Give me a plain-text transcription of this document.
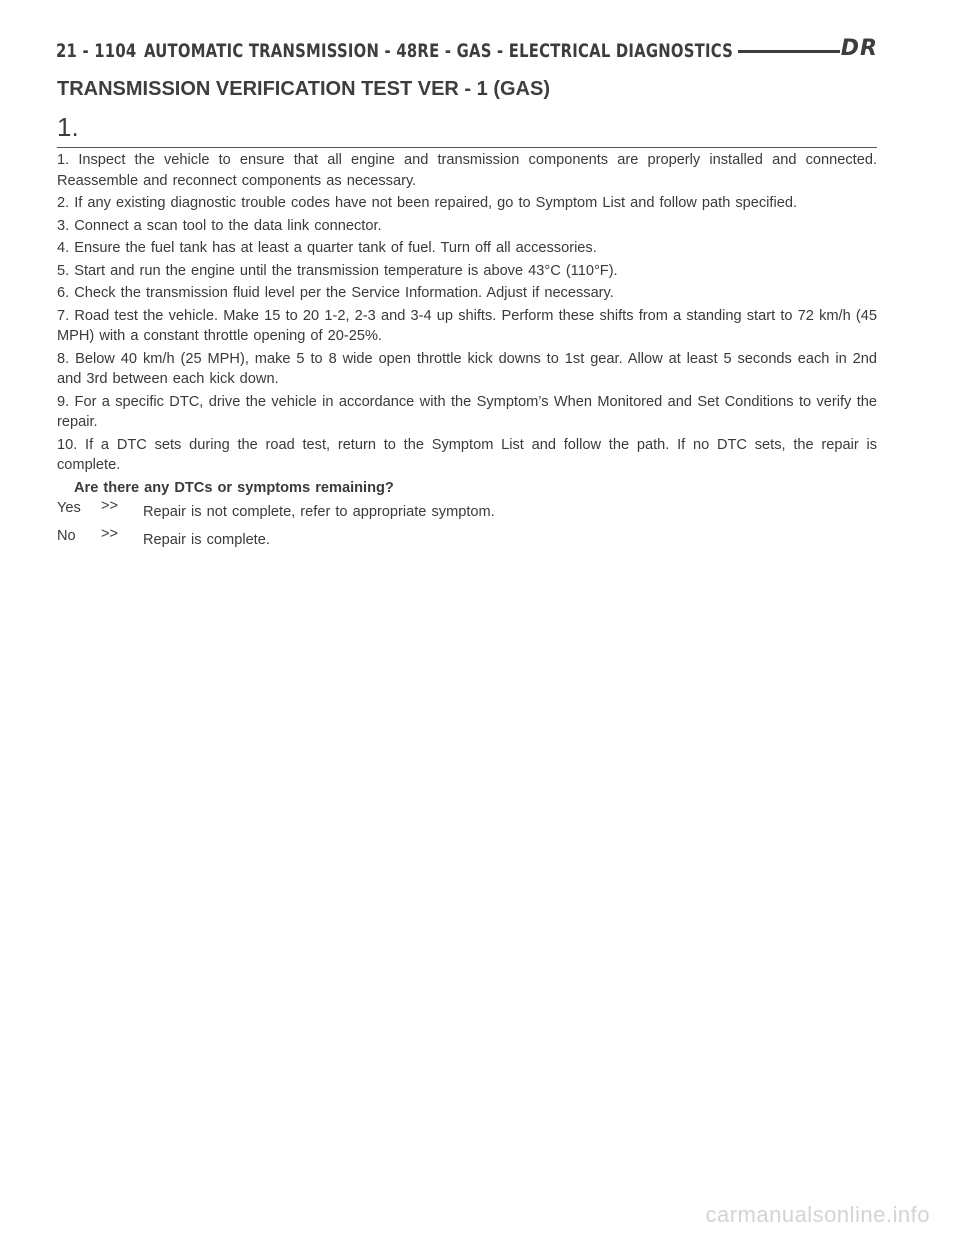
21 - 1104 AUTOMATIC TRANSMISSION - 48RE - GAS - ELECTRICAL DIAGNOSTICS	DR
TRANSMISSION VERIFICATION TEST VER - 1 (GAS)
1.

1. Inspect the vehicle to ensure that all engine and transmission components are properly installed and connected. Reassemble and reconnect components as necessary.

2. If any existing diagnostic trouble codes have not been repaired, go to Symptom List and follow path specified.

3. Connect a scan tool to the data link connector.

4. Ensure the fuel tank has at least a quarter tank of fuel. Turn off all accessories.

5. Start and run the engine until the transmission temperature is above 43°C (110°F).

6. Check the transmission fluid level per the Service Information. Adjust if necessary.

7. Road test the vehicle. Make 15 to 20 1-2, 2-3 and 3-4 up shifts. Perform these shifts from a standing start to 72 km/h (45 MPH) with a constant throttle opening of 20-25%.

8. Below 40 km/h (25 MPH), make 5 to 8 wide open throttle kick downs to 1st gear. Allow at least 5 seconds each in 2nd and 3rd between each kick down.

9. For a specific DTC, drive the vehicle in accordance with the Symptom’s When Monitored and Set Conditions to verify the repair.

10. If a DTC sets during the road test, return to the Symptom List and follow the path. If no DTC sets, the repair is complete.

Are there any DTCs or symptoms remaining?

Yes >> Repair is not complete, refer to appropriate symptom.
No >> Repair is complete.
carmanualsonline.info
